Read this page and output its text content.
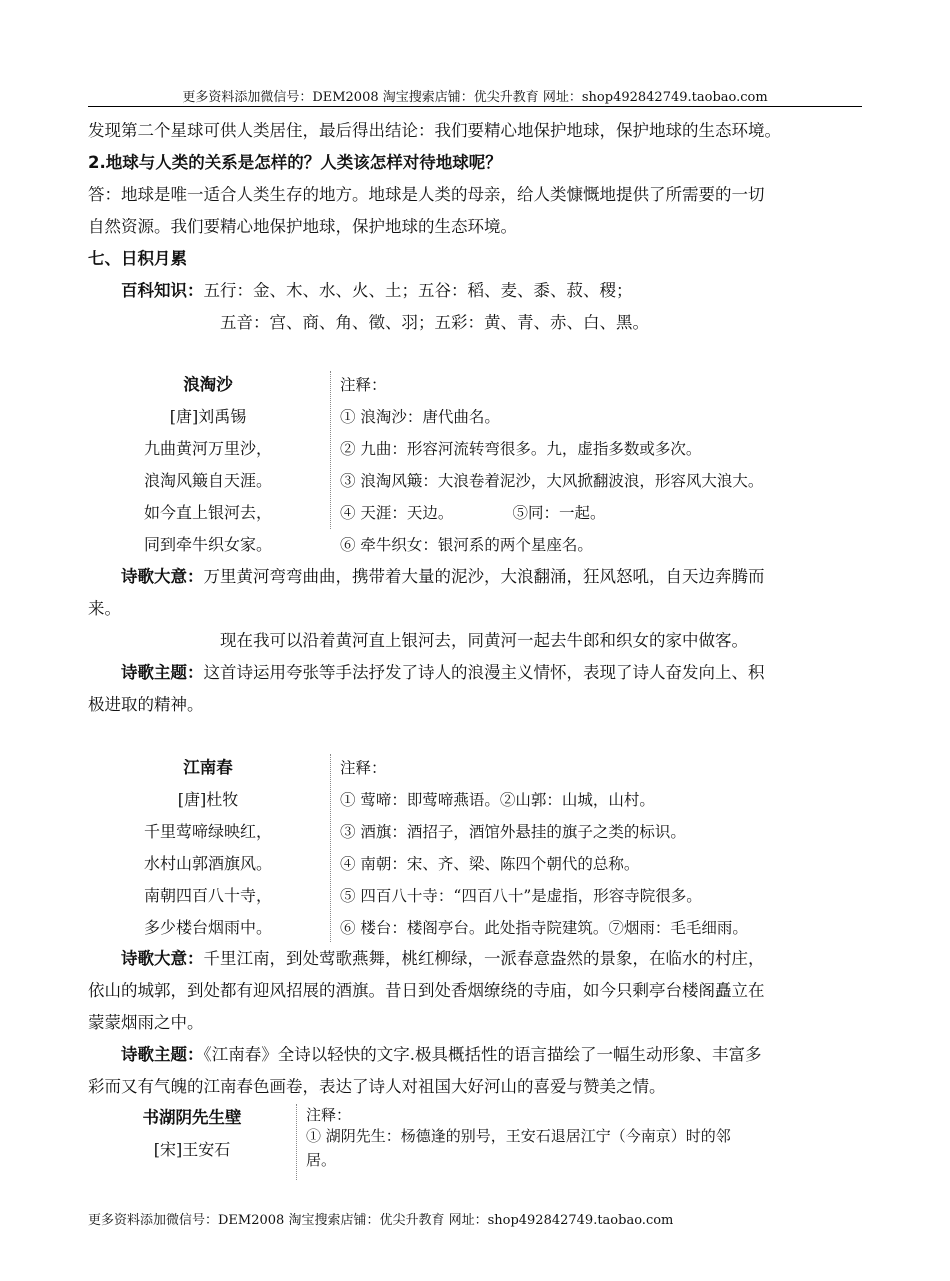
更多资料添加微信号：DEM2008 淘宝搜索店铺：优尖升教育 网址：shop492842749.taobao.com
发现第二个星球可供人类居住，最后得出结论：我们要精心地保护地球，保护地球的生态环境。
2.地球与人类的关系是怎样的？人类该怎样对待地球呢？
答：地球是唯一适合人类生存的地方。地球是人类的母亲，给人类慷慨地提供了所需要的一切
自然资源。我们要精心地保护地球，保护地球的生态环境。
七、日积月累
百科知识：五行：金、木、水、火、土；五谷：稻、麦、黍、菽、稷；
五音：宫、商、角、徵、羽；五彩：黄、青、赤、白、黑。
浪淘沙
[唐]刘禹锡
九曲黄河万里沙，
浪淘风簸自天涯。
如今直上银河去，
同到牵牛织女家。
注释：
① 浪淘沙：唐代曲名。
② 九曲：形容河流转弯很多。九，虚指多数或多次。
③ 浪淘风簸：大浪卷着泥沙，大风掀翻波浪，形容风大浪大。
④ 天涯：天边。            ⑤同：一起。
⑥ 牵牛织女：银河系的两个星座名。
诗歌大意：万里黄河弯弯曲曲，携带着大量的泥沙，大浪翻涌，狂风怒吼，自天边奔腾而
来。
现在我可以沿着黄河直上银河去，同黄河一起去牛郎和织女的家中做客。
诗歌主题：这首诗运用夸张等手法抒发了诗人的浪漫主义情怀，表现了诗人奋发向上、积
极进取的精神。
江南春
[唐]杜牧
千里莺啼绿映红，
水村山郭酒旗风。
南朝四百八十寺，
多少楼台烟雨中。
注释：
① 莺啼：即莺啼燕语。②山郭：山城，山村。
③ 酒旗：酒招子，酒馆外悬挂的旗子之类的标识。
④ 南朝：宋、齐、梁、陈四个朝代的总称。
⑤ 四百八十寺：“四百八十”是虚指，形容寺院很多。
⑥ 楼台：楼阁亭台。此处指寺院建筑。⑦烟雨：毛毛细雨。
诗歌大意：千里江南，到处莺歌燕舞，桃红柳绿，一派春意盎然的景象，在临水的村庄，
依山的城郭，到处都有迎风招展的酒旗。昔日到处香烟缭绕的寺庙，如今只剩亭台楼阁矗立在
蒙蒙烟雨之中。
诗歌主题：《江南春》全诗以轻快的文字.极具概括性的语言描绘了一幅生动形象、丰富多
彩而又有气魄的江南春色画卷，表达了诗人对祖国大好河山的喜爱与赞美之情。
书湖阴先生壁
[宋]王安石
注释：
① 湖阴先生：杨德逢的别号，王安石退居江宁（今南京）时的邻
居。
更多资料添加微信号：DEM2008 淘宝搜索店铺：优尖升教育 网址：shop492842749.taobao.com
